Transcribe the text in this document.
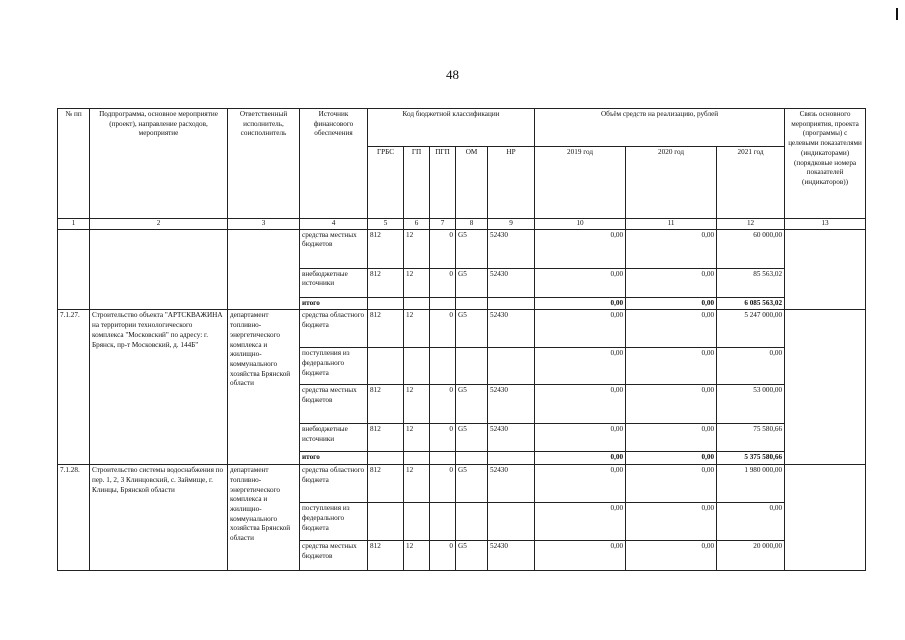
48
№ пп	Подпрограмма, основное мероприятие (проект), направление расходов, мероприятие	Ответственный исполнитель, соисполнитель	Источник финансового обеспечения	Код бюджетной классификации					Объём средств на реализацию, рублей			Связь основного мероприятия, проекта (программы) с целевыми показателями (индикаторами) (порядковые номера показателей (индикаторов))
				ГРБС	ГП	ПГП	ОМ	НР	2019 год	2020 год	2021 год	
1	2	3	4	5	6	7	8	9	10	11	12	13
			средства местных бюджетов	812	12	0	G5	52430	0,00	0,00	60 000,00	
			внебюджетные источники	812	12	0	G5	52430	0,00	0,00	85 563,02	
			итого						0,00	0,00	6 085 563,02	
7.1.27.	Строительство объекта "АРТСКВАЖИНА на территории технологического комплекса "Московский" по адресу: г. Брянск, пр-т Московский, д. 144Б"	департамент топливно-энергетического комплекса и жилищно-коммунального хозяйства Брянской области	средства областного бюджета	812	12	0	G5	52430	0,00	0,00	5 247 000,00	
			поступления из федерального бюджета						0,00	0,00	0,00	
			средства местных бюджетов	812	12	0	G5	52430	0,00	0,00	53 000,00	
			внебюджетные источники	812	12	0	G5	52430	0,00	0,00	75 580,66	
			итого						0,00	0,00	5 375 580,66	
7.1.28.	Строительство системы водоснабжения по пер. 1, 2, 3 Клинцовский, с. Займище, г. Клинцы, Брянской области	департамент топливно-энергетического комплекса и жилищно-коммунального хозяйства Брянской области	средства областного бюджета	812	12	0	G5	52430	0,00	0,00	1 980 000,00	
			поступления из федерального бюджета						0,00	0,00	0,00	
			средства местных бюджетов	812	12	0	G5	52430	0,00	0,00	20 000,00	
